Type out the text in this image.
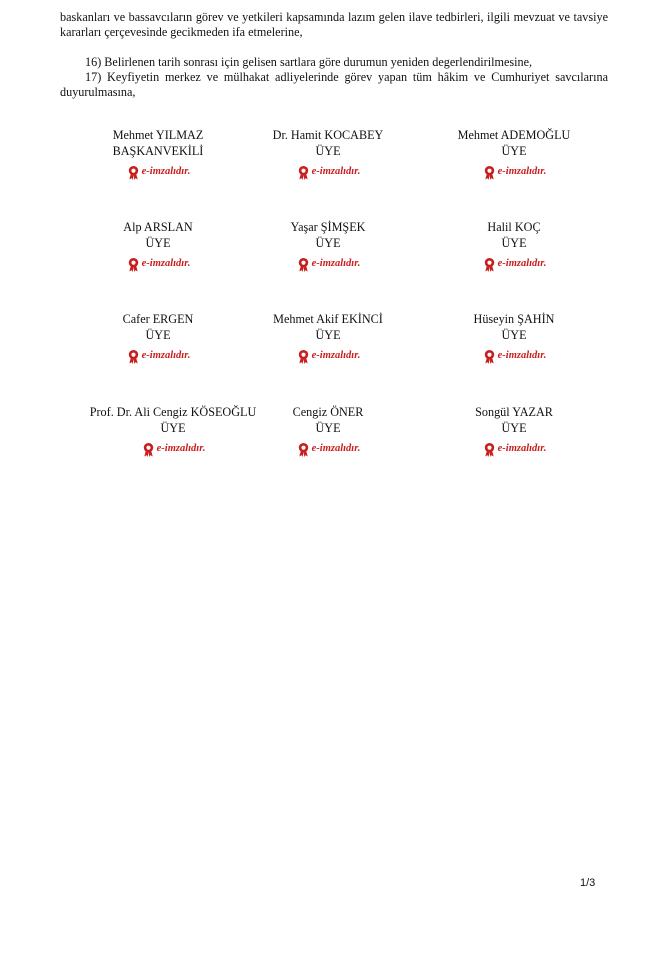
baskanları ve bassavcıların görev ve yetkileri kapsamında lazım gelen ilave tedbirleri, ilgili mevzuat ve tavsiye kararları çerçevesinde gecikmeden ifa etmelerine,

16) Belirlenen tarih sonrası için gelisen sartlara göre durumun yeniden degerlendirilmesine,

17) Keyfiyetin merkez ve mülhakat adliyelerinde görev yapan tüm hâkim ve Cumhuriyet savcılarına duyurulmasına,

Mehmet YILMAZ
BAŞKANVEKİLİ
e-imzalıdır.
Dr. Hamit KOCABEY
ÜYE
e-imzalıdır.
Mehmet ADEMOĞLU
ÜYE
e-imzalıdır.
Alp ARSLAN
ÜYE
e-imzalıdır.
Yaşar ŞİMŞEK
ÜYE
e-imzalıdır.
Halil KOÇ
ÜYE
e-imzalıdır.
Cafer ERGEN
ÜYE
e-imzalıdır.
Mehmet Akif EKİNCİ
ÜYE
e-imzalıdır.
Hüseyin ŞAHİN
ÜYE
e-imzalıdır.
Prof. Dr. Ali Cengiz KÖSEOĞLU
ÜYE
e-imzalıdır.
Cengiz ÖNER
ÜYE
e-imzalıdır.
Songül YAZAR
ÜYE
e-imzalıdır.
1/3
